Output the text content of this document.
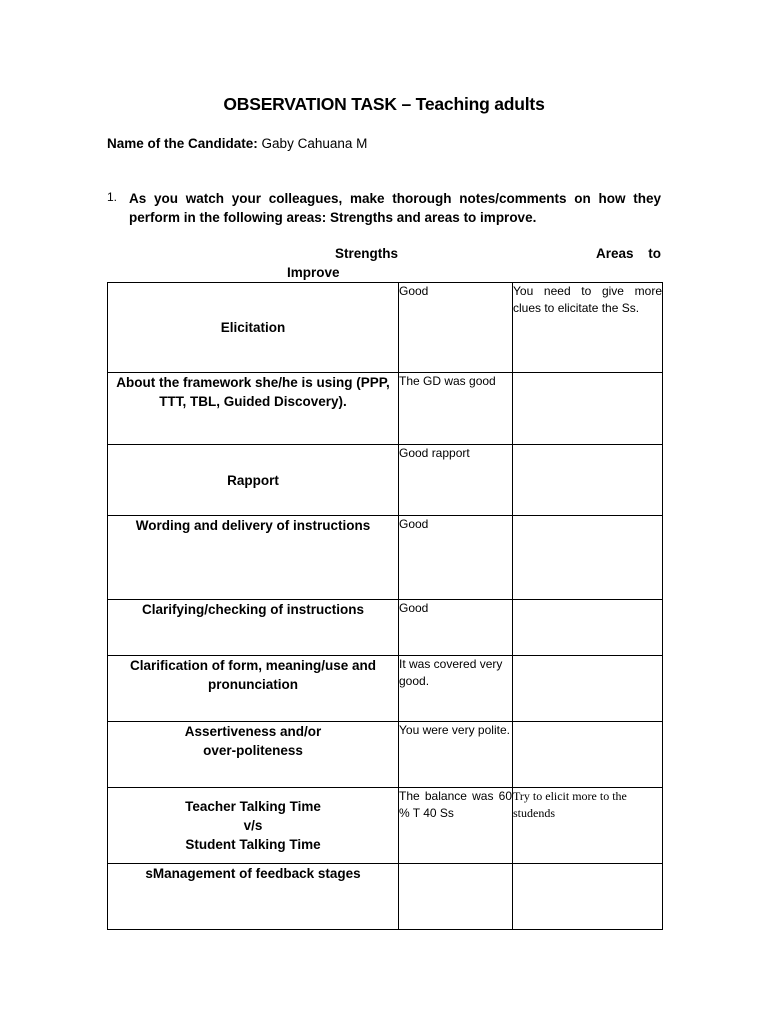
OBSERVATION TASK – Teaching adults
Name of the Candidate: Gaby Cahuana M
1. As you watch your colleagues, make thorough notes/comments on how they perform in the following areas: Strengths and areas to improve.
Strengths	Areas to
Improve
Elicitation	Good	You need to give more clues to elicitate the Ss.

About the framework she/he is using (PPP,
TTT, TBL, Guided Discovery).	The GD was good	

Rapport	Good rapport	

Wording and delivery of instructions	Good	

Clarifying/checking of instructions	Good	

Clarification of form, meaning/use and
pronunciation	It was covered very good.	

Assertiveness and/or
over-politeness	You were very polite.	

Teacher Talking Time
v/s
Student Talking Time	The balance was 60 % T 40 Ss	Try to elicit more to the studends

sManagement of feedback stages		
